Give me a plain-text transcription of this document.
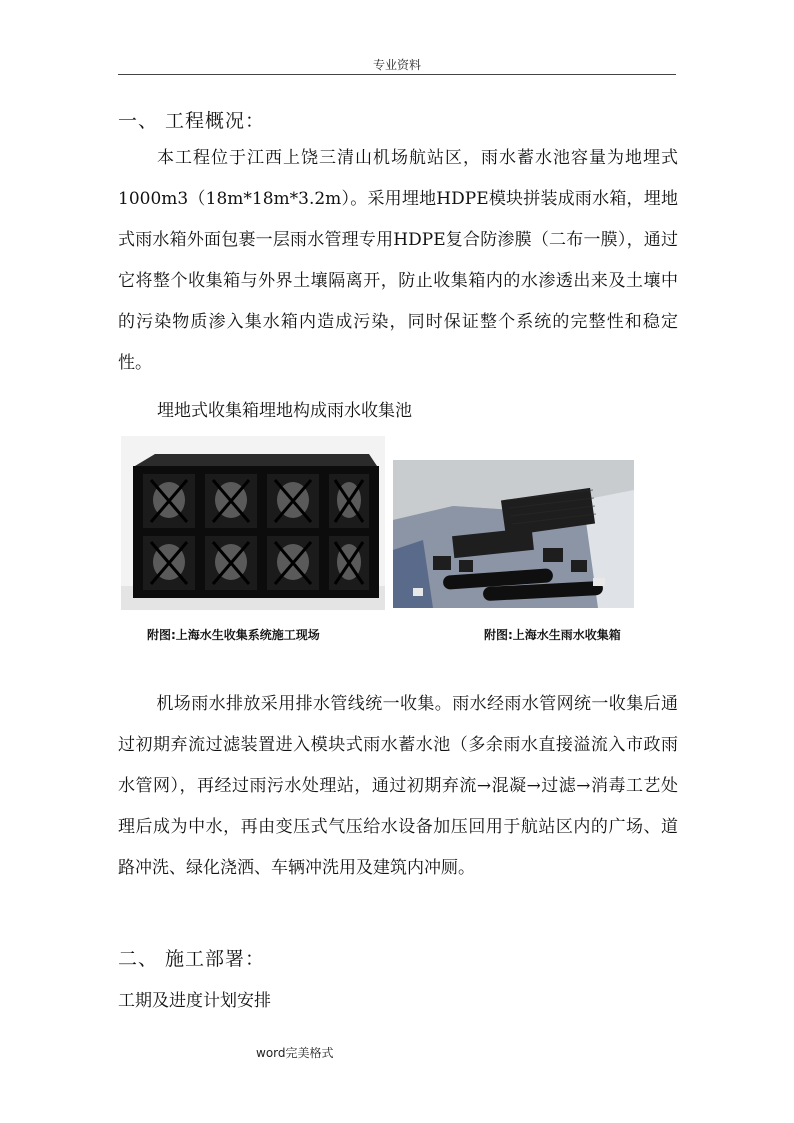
专业资料
一、 工程概况：
本工程位于江西上饶三清山机场航站区，雨水蓄水池容量为地埋式1000m3（18m*18m*3.2m）。采用埋地HDPE模块拼装成雨水箱，埋地式雨水箱外面包裹一层雨水管理专用HDPE复合防渗膜（二布一膜），通过它将整个收集箱与外界土壤隔离开，防止收集箱内的水渗透出来及土壤中的污染物质渗入集水箱内造成污染，同时保证整个系统的完整性和稳定性。
埋地式收集箱埋地构成雨水收集池
附图:上海水生收集系统施工现场	附图:上海水生雨水收集箱
机场雨水排放采用排水管线统一收集。雨水经雨水管网统一收集后通过初期弃流过滤装置进入模块式雨水蓄水池（多余雨水直接溢流入市政雨水管网），再经过雨污水处理站，通过初期弃流→混凝→过滤→消毒工艺处理后成为中水，再由变压式气压给水设备加压回用于航站区内的广场、道路冲洗、绿化浇洒、车辆冲洗用及建筑内冲厕。
二、 施工部署：
工期及进度计划安排
word完美格式
